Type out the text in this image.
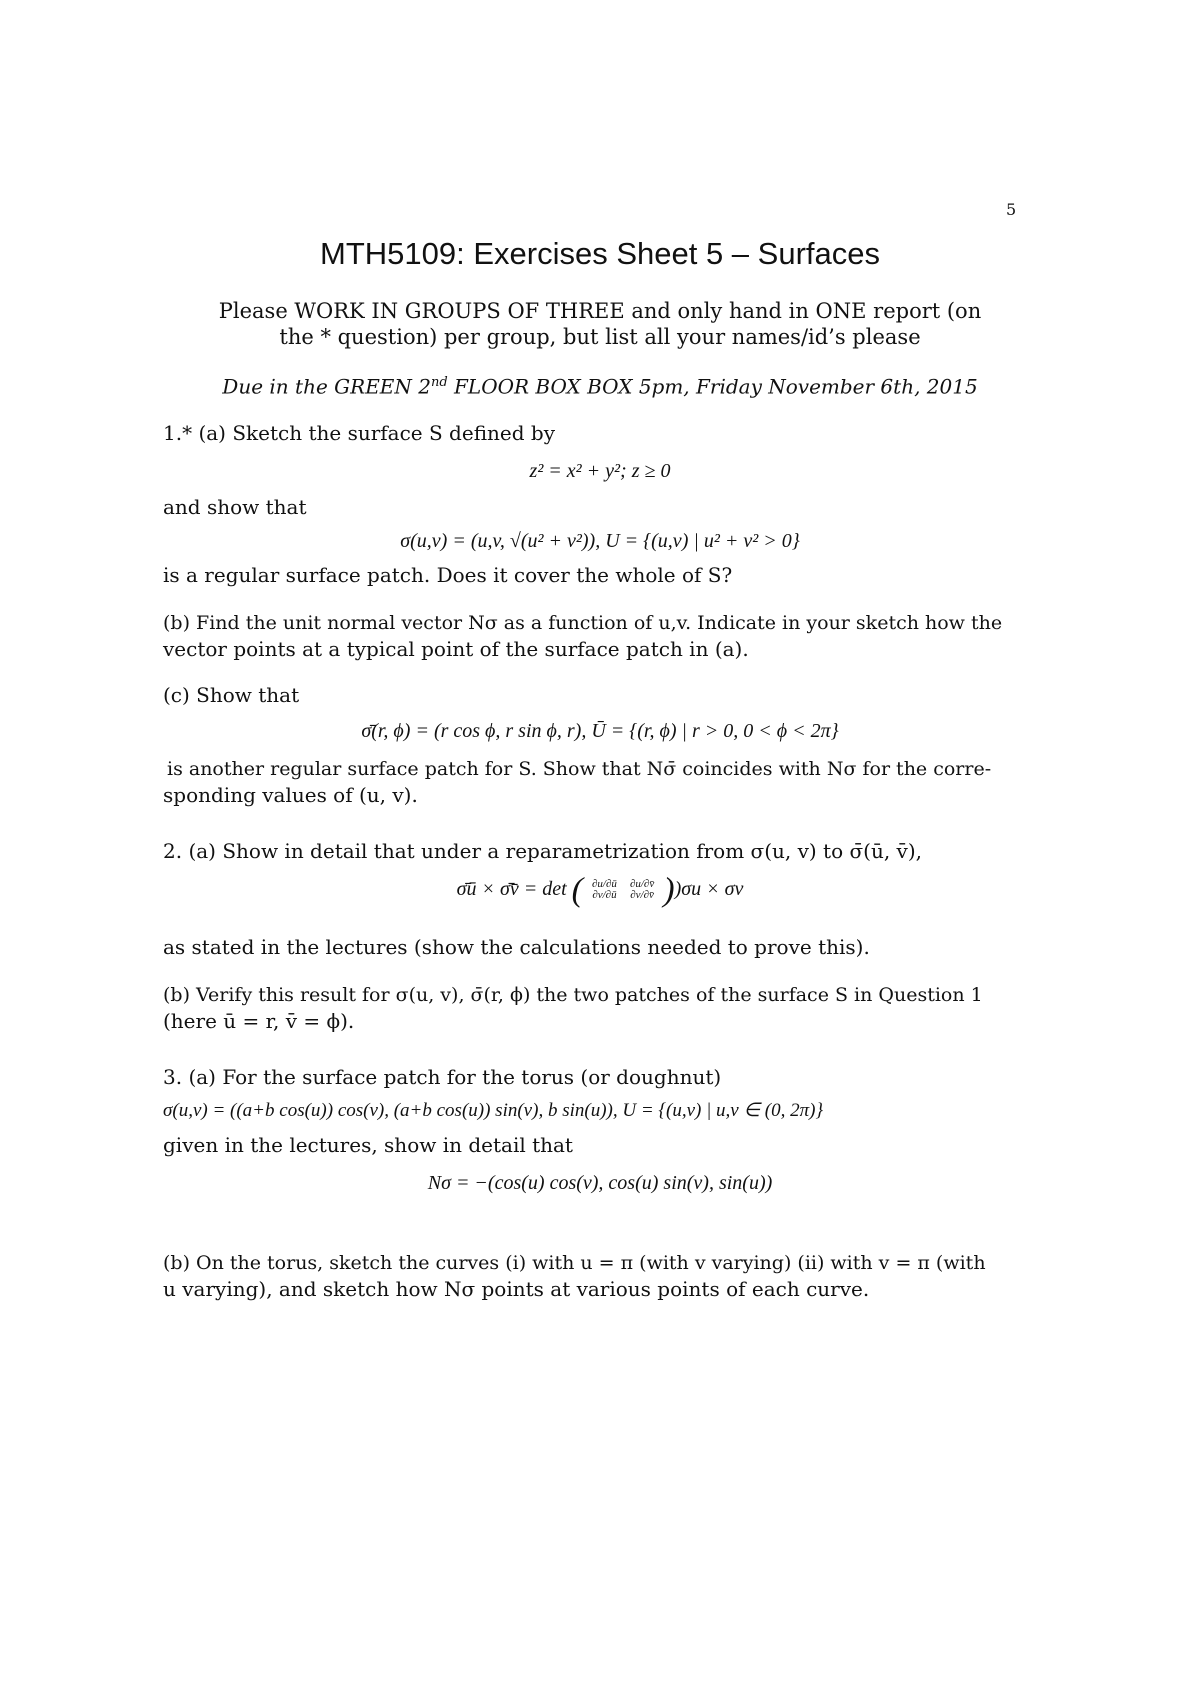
5
MTH5109: Exercises Sheet 5 – Surfaces
Please WORK IN GROUPS OF THREE and only hand in ONE report (on
the * question) per group, but list all your names/id’s please
Due in the GREEN 2nd FLOOR BOX BOX 5pm, Friday November 6th, 2015
1.* (a) Sketch the surface S defined by
z² = x² + y²; z ≥ 0
and show that
σ(u,v) = (u,v, √(u² + v²)), U = {(u,v) | u² + v² > 0}
is a regular surface patch. Does it cover the whole of S?
(b) Find the unit normal vector Nσ as a function of u,v. Indicate in your sketch how the
vector points at a typical point of the surface patch in (a).
(c) Show that
σ̄(r, ϕ) = (r cos ϕ, r sin ϕ, r), Ū = {(r, ϕ) | r > 0, 0 < ϕ < 2π}
is another regular surface patch for S. Show that Nσ̄ coincides with Nσ for the corre-
sponding values of (u, v).
2. (a) Show in detail that under a reparametrization from σ(u, v) to σ̄(ū, v̄),
σ̄ū × σ̄v̄ = det ( ∂u/∂ū
∂v/∂ū

∂u/∂v̄
∂v/∂v̄ ))σu × σv
as stated in the lectures (show the calculations needed to prove this).
(b) Verify this result for σ(u, v), σ̄(r, ϕ) the two patches of the surface S in Question 1
(here ū = r, v̄ = ϕ).
3. (a) For the surface patch for the torus (or doughnut)
σ(u,v) = ((a+b cos(u)) cos(v), (a+b cos(u)) sin(v), b sin(u)), U = {(u,v) | u,v ∈ (0, 2π)}
given in the lectures, show in detail that
Nσ = −(cos(u) cos(v), cos(u) sin(v), sin(u))
(b) On the torus, sketch the curves (i) with u = π (with v varying) (ii) with v = π (with
u varying), and sketch how Nσ points at various points of each curve.
